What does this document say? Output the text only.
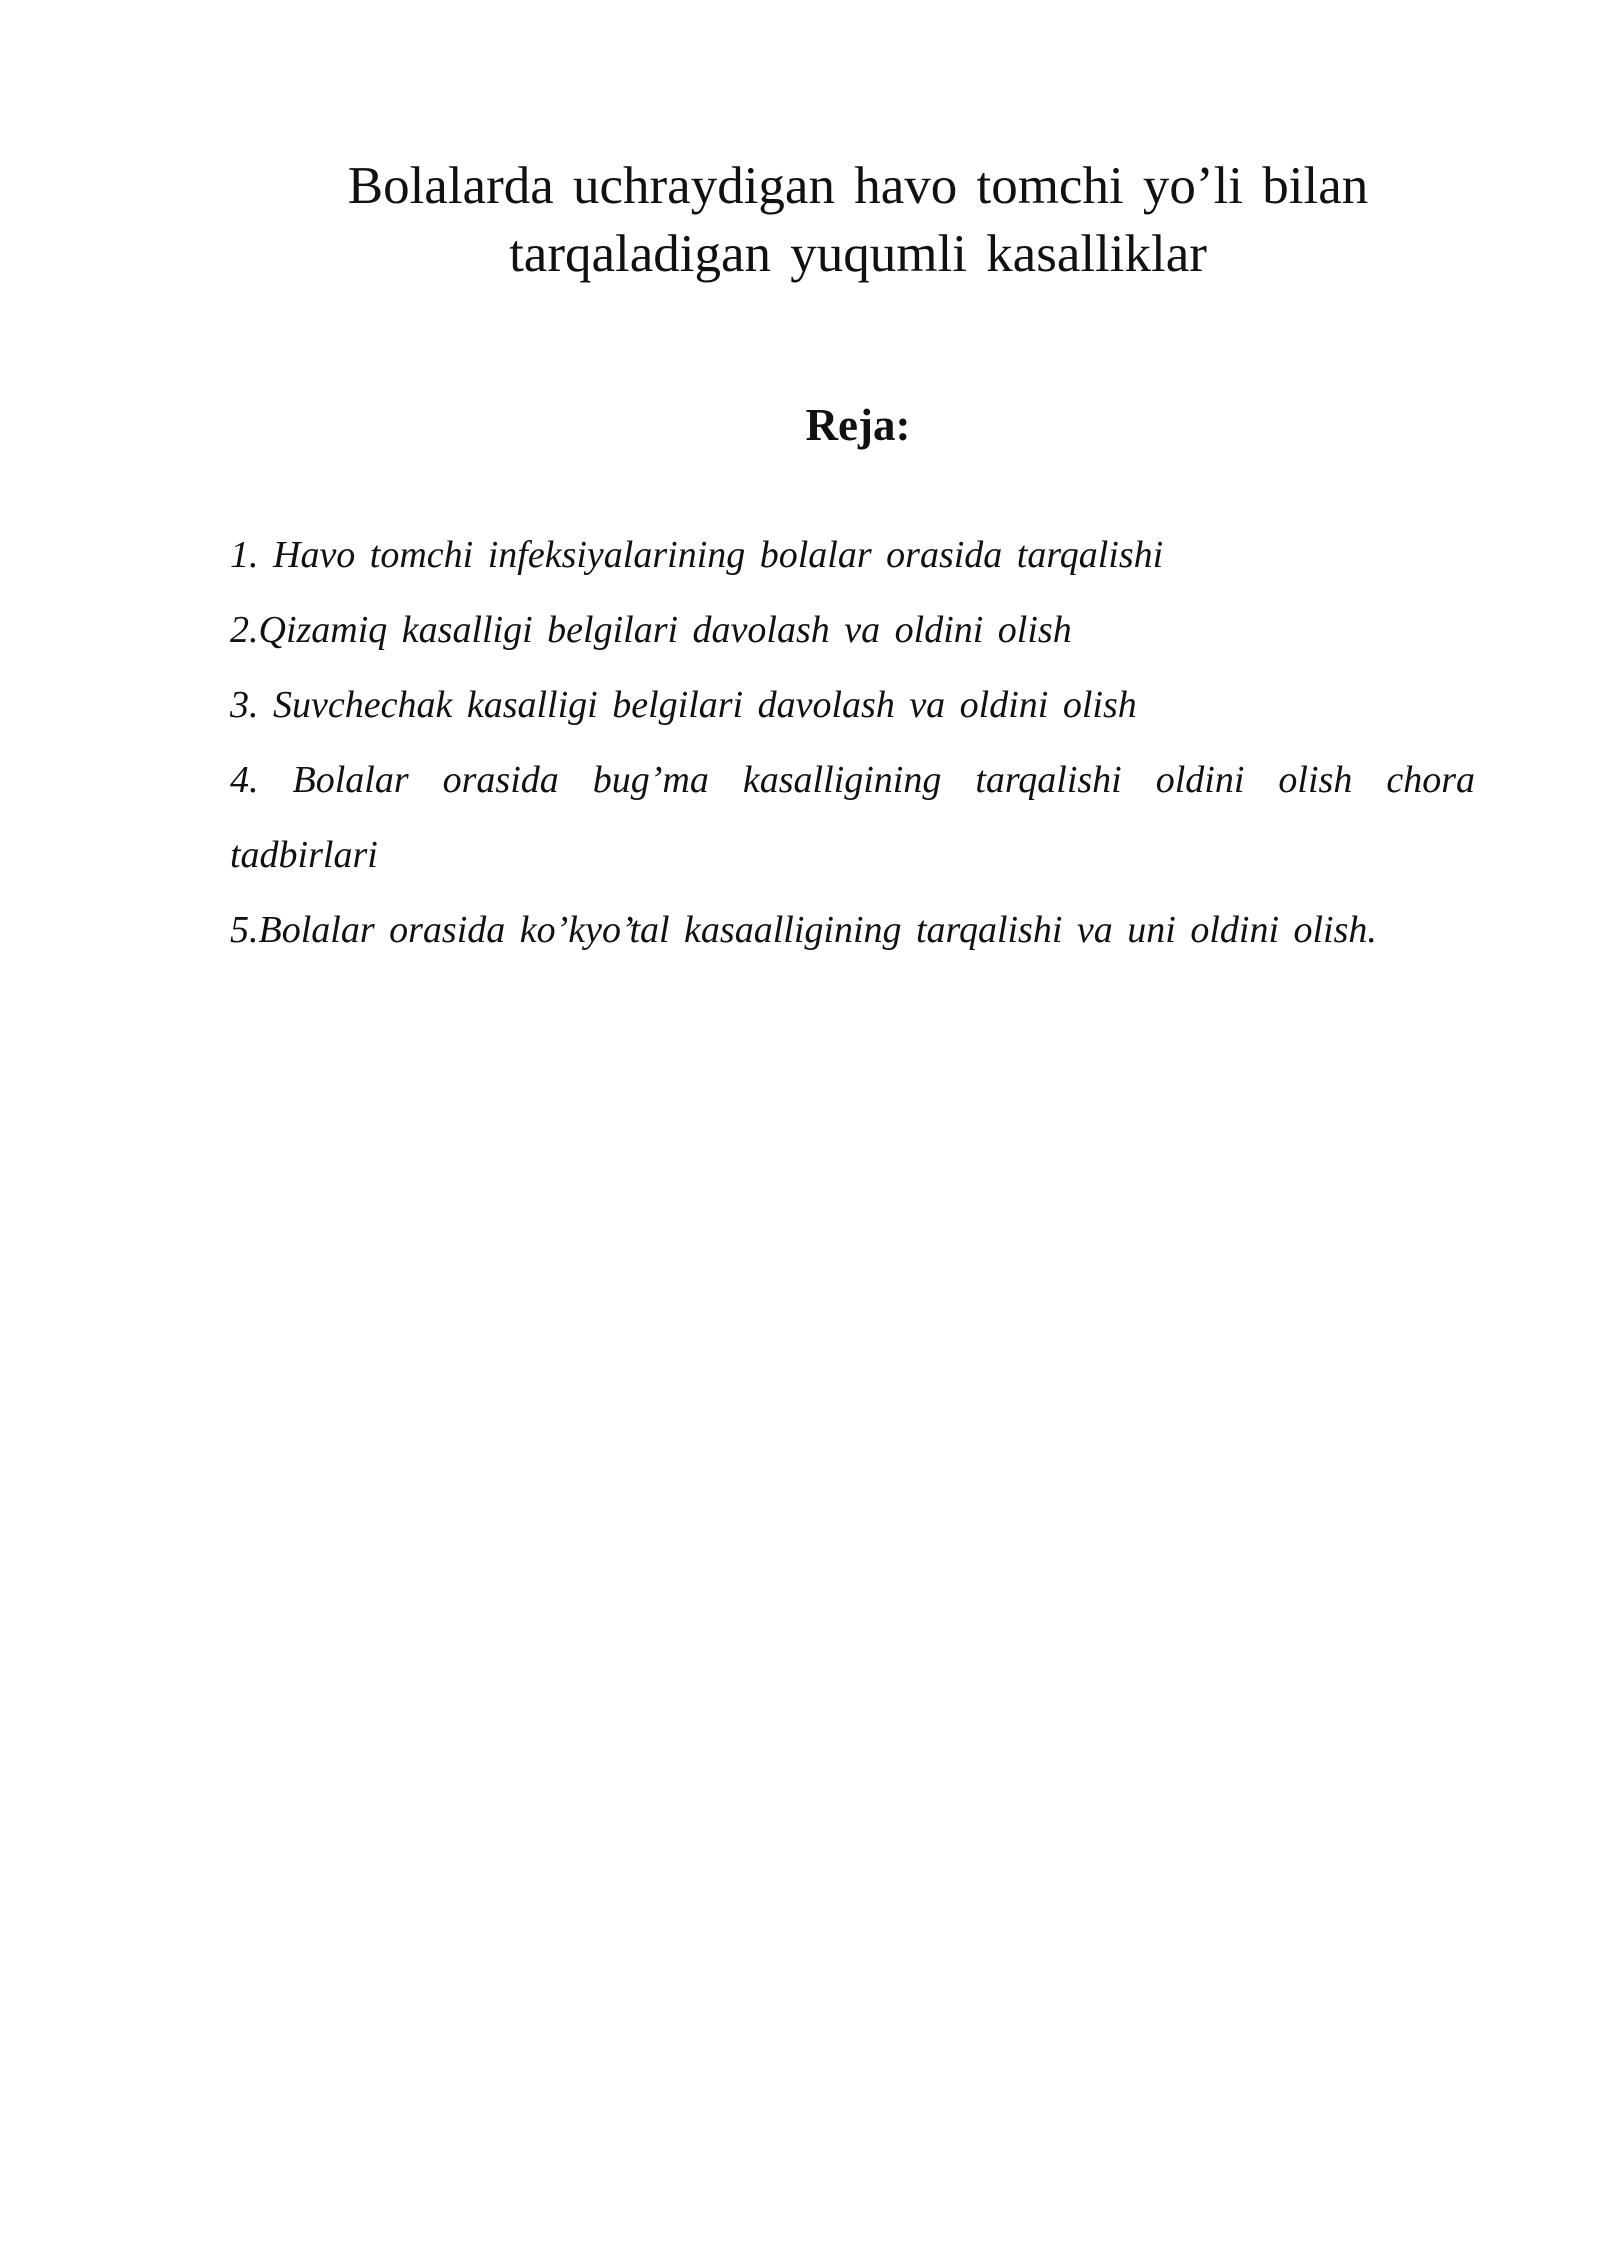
Bolalarda uchraydigan havo tomchi yo’li bilan
tarqaladigan yuqumli kasalliklar
Reja:
1. Havo tomchi infeksiyalarining bolalar orasida tarqalishi
2.Qizamiq kasalligi belgilari davolash va oldini olish
3. Suvchechak kasalligi belgilari davolash va oldini olish
4. Bolalar orasida bug’ma kasalligining tarqalishi oldini olish chora tadbirlari
5.Bolalar orasida ko’kyo’tal kasaalligining tarqalishi va uni oldini olish.
